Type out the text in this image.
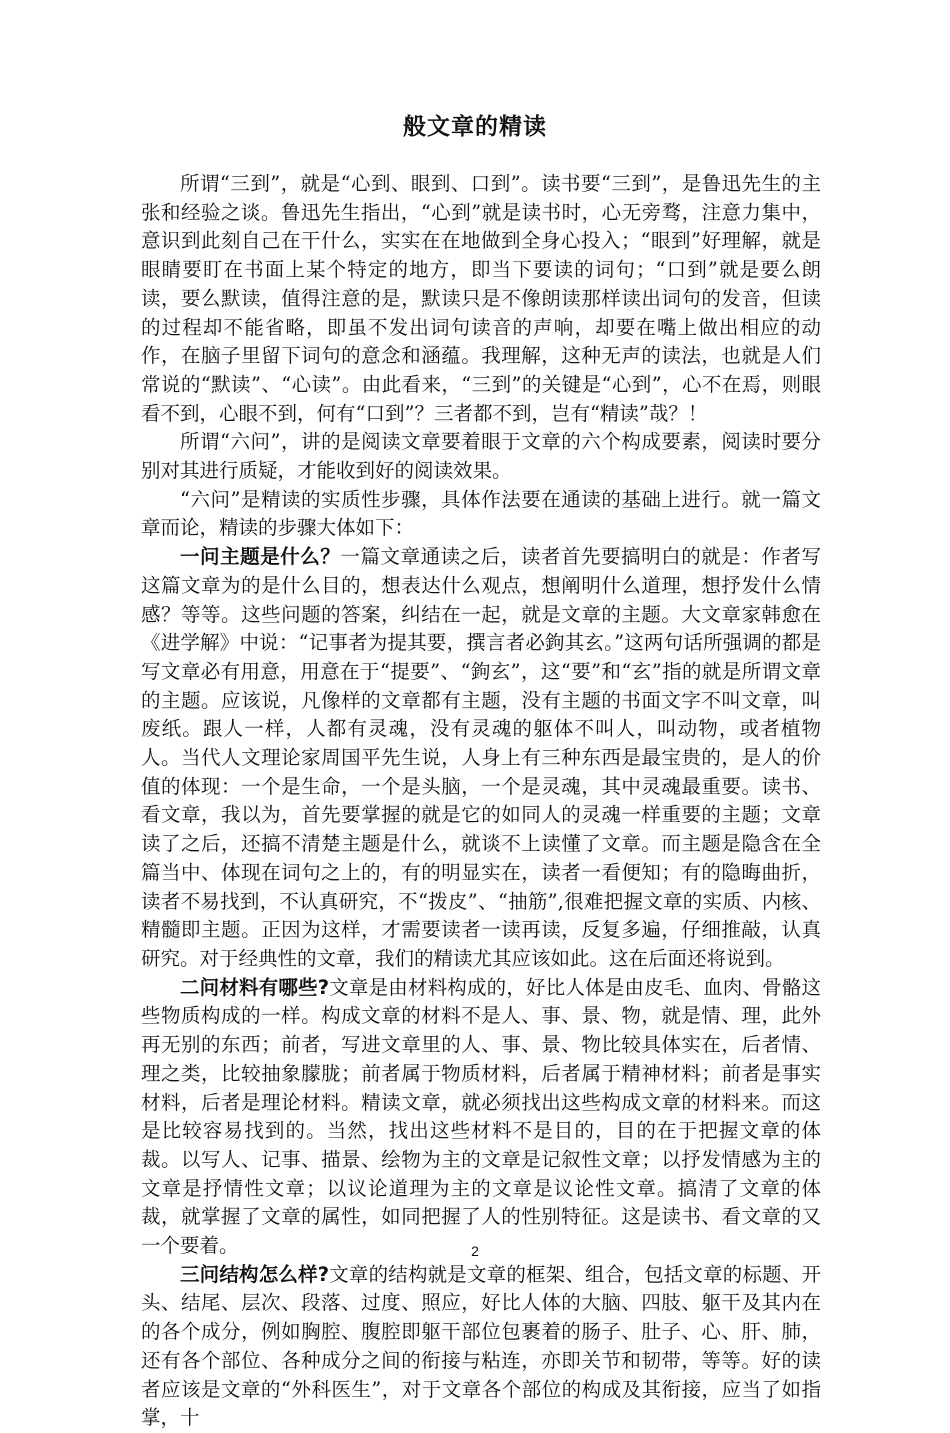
般文章的精读

所谓“三到”，就是“心到、眼到、口到”。读书要“三到”，是鲁迅先生的主张和经验之谈。鲁迅先生指出，“心到”就是读书时，心无旁骛，注意力集中，意识到此刻自己在干什么，实实在在地做到全身心投入；“眼到”好理解，就是眼睛要盯在书面上某个特定的地方，即当下要读的词句；“口到”就是要么朗读，要么默读，值得注意的是，默读只是不像朗读那样读出词句的发音，但读的过程却不能省略，即虽不发出词句读音的声响，却要在嘴上做出相应的动作，在脑子里留下词句的意念和涵蕴。我理解，这种无声的读法，也就是人们常说的“默读”、“心读”。由此看来，“三到”的关键是“心到”，心不在焉，则眼看不到，心眼不到，何有“口到”？三者都不到，岂有“精读”哉？！

所谓“六问”，讲的是阅读文章要着眼于文章的六个构成要素，阅读时要分别对其进行质疑，才能收到好的阅读效果。

“六问”是精读的实质性步骤，具体作法要在通读的基础上进行。就一篇文章而论，精读的步骤大体如下：

一问主题是什么？一篇文章通读之后，读者首先要搞明白的就是：作者写这篇文章为的是什么目的，想表达什么观点，想阐明什么道理，想抒发什么情感？等等。这些问题的答案，纠结在一起，就是文章的主题。大文章家韩愈在《进学解》中说：“记事者为提其要，撰言者必鉤其玄。”这两句话所强调的都是写文章必有用意，用意在于“提要”、“鉤玄”，这“要”和“玄”指的就是所谓文章的主题。应该说，凡像样的文章都有主题，没有主题的书面文字不叫文章，叫废纸。跟人一样，人都有灵魂，没有灵魂的躯体不叫人，叫动物，或者植物人。当代人文理论家周国平先生说，人身上有三种东西是最宝贵的，是人的价值的体现：一个是生命，一个是头脑，一个是灵魂，其中灵魂最重要。读书、看文章，我以为，首先要掌握的就是它的如同人的灵魂一样重要的主题；文章读了之后，还搞不清楚主题是什么，就谈不上读懂了文章。而主题是隐含在全篇当中、体现在词句之上的，有的明显实在，读者一看便知；有的隐晦曲折，读者不易找到，不认真研究，不“拨皮”、“抽筋”,很难把握文章的实质、内核、精髓即主题。正因为这样，才需要读者一读再读，反复多遍，仔细推敲，认真研究。对于经典性的文章，我们的精读尤其应该如此。这在后面还将说到。

二问材料有哪些?文章是由材料构成的，好比人体是由皮毛、血肉、骨骼这些物质构成的一样。构成文章的材料不是人、事、景、物，就是情、理，此外再无别的东西；前者，写进文章里的人、事、景、物比较具体实在，后者情、理之类，比较抽象朦胧；前者属于物质材料，后者属于精神材料；前者是事实材料，后者是理论材料。精读文章，就必须找出这些构成文章的材料来。而这是比较容易找到的。当然，找出这些材料不是目的，目的在于把握文章的体裁。以写人、记事、描景、绘物为主的文章是记叙性文章；以抒发情感为主的文章是抒情性文章；以议论道理为主的文章是议论性文章。搞清了文章的体裁，就掌握了文章的属性，如同把握了人的性别特征。这是读书、看文章的又一个要着。

三问结构怎么样?文章的结构就是文章的框架、组合，包括文章的标题、开头、结尾、层次、段落、过度、照应，好比人体的大脑、四肢、躯干及其内在的各个成分，例如胸腔、腹腔即躯干部位包裹着的肠子、肚子、心、肝、肺，还有各个部位、各种成分之间的衔接与粘连，亦即关节和韧带，等等。好的读者应该是文章的“外科医生”，对于文章各个部位的构成及其衔接，应当了如指掌，十

2
